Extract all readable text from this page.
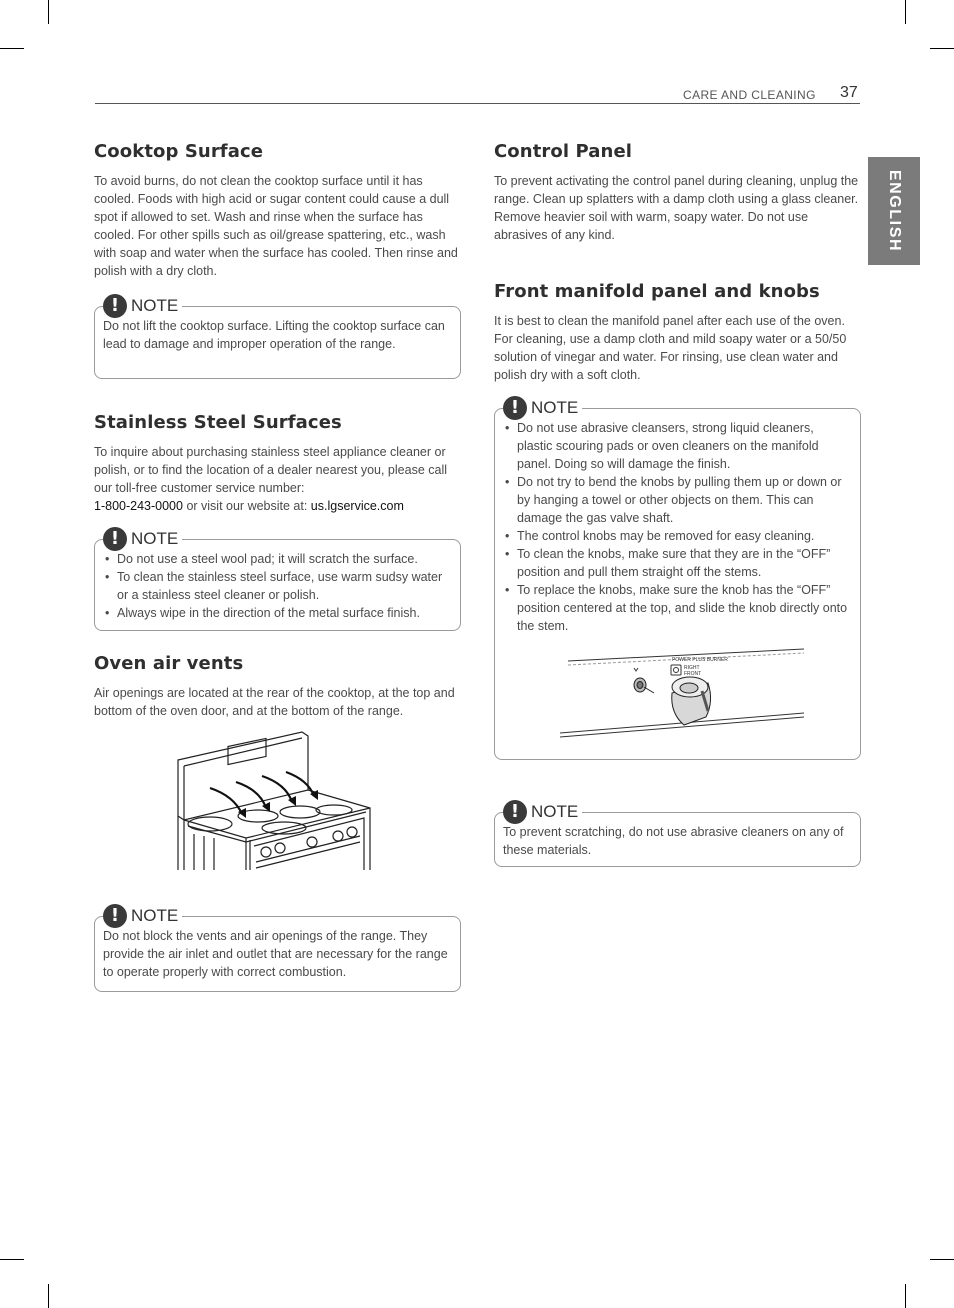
CARE AND CLEANING 37
ENGLISH
Cooktop Surface

To avoid burns, do not clean the cooktop surface until it has cooled. Foods with high acid or sugar content could cause a dull spot if allowed to set. Wash and rinse when the surface has cooled. For other spills such as oil/grease spattering, etc., wash with soap and water when the surface has cooled. Then rinse and polish with a dry cloth.

! NOTE
Do not lift the cooktop surface. Lifting the cooktop surface can lead to damage and improper operation of the range.
Stainless Steel Surfaces

To inquire about purchasing stainless steel appliance cleaner or polish, or to find the location of a dealer nearest you, please call our toll-free customer service number:
1-800-243-0000 or visit our website at: us.lgservice.com

! NOTE
• Do not use a steel wool pad; it will scratch the surface.
• To clean the stainless steel surface, use warm sudsy water or a stainless steel cleaner or polish.
• Always wipe in the direction of the metal surface finish.
Oven air vents

Air openings are located at the rear of the cooktop, at the top and bottom of the oven door, and at the bottom of the range.

! NOTE
Do not block the vents and air openings of the range. They provide the air inlet and outlet that are necessary for the range to operate properly with correct combustion.
Control Panel

To prevent activating the control panel during cleaning, unplug the range. Clean up splatters with a damp cloth using a glass cleaner. Remove heavier soil with warm, soapy water. Do not use abrasives of any kind.

Front manifold panel and knobs

It is best to clean the manifold panel after each use of the oven. For cleaning, use a damp cloth and mild soapy water or a 50/50 solution of vinegar and water. For rinsing, use clean water and polish dry with a soft cloth.

! NOTE
• Do not use abrasive cleansers, strong liquid cleaners, plastic scouring pads or oven cleaners on the manifold panel. Doing so will damage the finish.
• Do not try to bend the knobs by pulling them up or down or by hanging a towel or other objects on them. This can damage the gas valve shaft.
• The control knobs may be removed for easy cleaning.
• To clean the knobs, make sure that they are in the “OFF” position and pull them straight off the stems.
• To replace the knobs, make sure the knob has the “OFF” position centered at the top, and slide the knob directly onto the stem.
POWER PLUS BURNER
RIGHT
FRONT
! NOTE
To prevent scratching, do not use abrasive cleaners on any of these materials.
